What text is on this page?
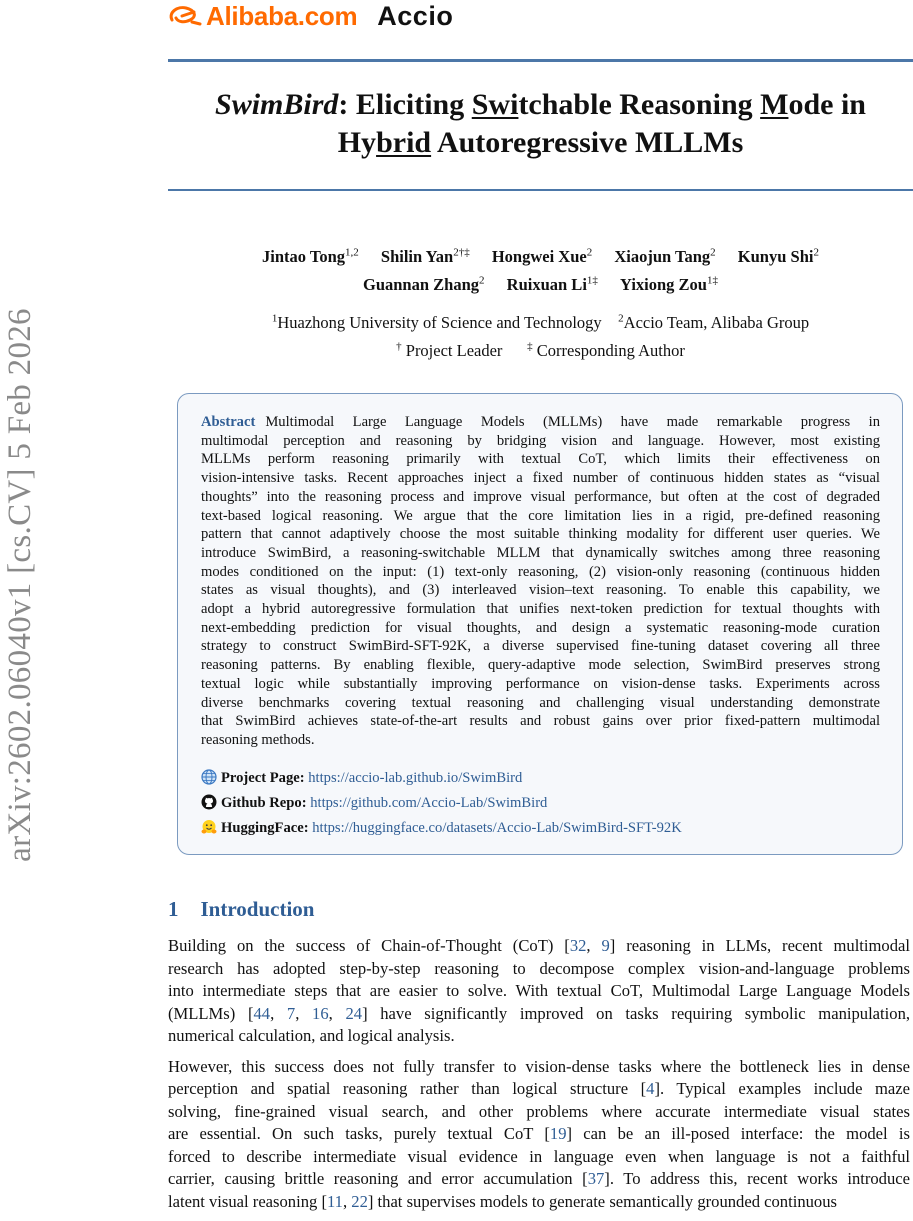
arXiv:2602.06040v1 [cs.CV] 5 Feb 2026
Alibaba.com Accio
SwimBird: Eliciting Switchable Reasoning Mode in
Hybrid Autoregressive MLLMs
Jintao Tong$^{1,2}$ Shilin Yan$^{2\dagger\ddagger}$ Hongwei Xue$^2$ Xiaojun Tang$^2$ Kunyu Shi$^2$
Guannan Zhang$^2$ Ruixuan $Li^{1\ddagger}$ Yixiong Zou$^{1\ddagger}$
$^1$Huazhong University of Science and Technology $^2$Accio Team, Alibaba Group
† Project Leader ‡ Corresponding Author
Abstract Multimodal Large Language Models (MLLMs) have made remarkable progress in
multimodal perception and reasoning by bridging vision and language. However, most existing
MLLMs perform reasoning primarily with textual CoT, which limits their effectiveness on
vision-intensive tasks. Recent approaches inject a fixed number of continuous hidden states as “visual
thoughts” into the reasoning process and improve visual performance, but often at the cost of degraded
text-based logical reasoning. We argue that the core limitation lies in a rigid, pre-defined reasoning
pattern that cannot adaptively choose the most suitable thinking modality for different user queries. We
introduce SwimBird, a reasoning-switchable MLLM that dynamically switches among three reasoning
modes conditioned on the input: (1) text-only reasoning, (2) vision-only reasoning (continuous hidden
states as visual thoughts), and (3) interleaved vision–text reasoning. To enable this capability, we
adopt a hybrid autoregressive formulation that unifies next-token prediction for textual thoughts with
next-embedding prediction for visual thoughts, and design a systematic reasoning-mode curation
strategy to construct SwimBird-SFT-92K, a diverse supervised fine-tuning dataset covering all three
reasoning patterns. By enabling flexible, query-adaptive mode selection, SwimBird preserves strong
textual logic while substantially improving performance on vision-dense tasks. Experiments across
diverse benchmarks covering textual reasoning and challenging visual understanding demonstrate
that SwimBird achieves state-of-the-art results and robust gains over prior fixed-pattern multimodal
reasoning methods.
Project Page: https://accio-lab.github.io/SwimBird
Github Repo: https://github.com/Accio-Lab/SwimBird
HuggingFace: https://huggingface.co/datasets/Accio-Lab/SwimBird-SFT-92K
1 Introduction
Building on the success of Chain-of-Thought (CoT) [32, 9] reasoning in LLMs, recent multimodal
research has adopted step-by-step reasoning to decompose complex vision-and-language problems
into intermediate steps that are easier to solve. With textual CoT, Multimodal Large Language Models
(MLLMs) [44, 7, 16, 24] have significantly improved on tasks requiring symbolic manipulation,
numerical calculation, and logical analysis.
However, this success does not fully transfer to vision-dense tasks where the bottleneck lies in dense
perception and spatial reasoning rather than logical structure [4]. Typical examples include maze
solving, fine-grained visual search, and other problems where accurate intermediate visual states
are essential. On such tasks, purely textual CoT [19] can be an ill-posed interface: the model is
forced to describe intermediate visual evidence in language even when language is not a faithful
carrier, causing brittle reasoning and error accumulation [37]. To address this, recent works introduce
latent visual reasoning [11, 22] that supervises models to generate semantically grounded continuous
